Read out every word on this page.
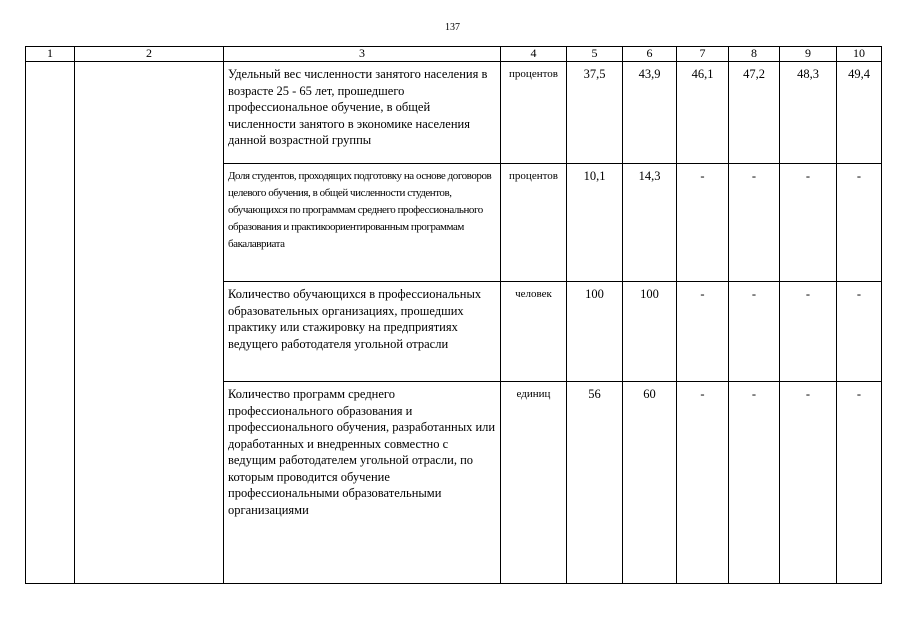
137
1	2	3	4	5	6	7	8	9	10
		Удельный вес численности занятого населения в возрасте 25 - 65 лет, прошедшего профессиональное обучение, в общей численности занятого в экономике населения данной возрастной группы	процентов	37,5	43,9	46,1	47,2	48,3	49,4
		Доля студентов, проходящих подготовку на основе договоров целевого обучения, в общей численности студентов, обучающихся по программам среднего профессионального образования и практикоориентированным программам бакалавриата	процентов	10,1	14,3	-	-	-	-
		Количество обучающихся в профессиональных образовательных организациях, прошедших практику или стажировку на предприятиях ведущего работодателя угольной отрасли	человек	100	100	-	-	-	-
		Количество программ среднего профессионального образования и профессионального обучения, разработанных или доработанных и внедренных совместно с ведущим работодателем угольной отрасли, по которым проводится обучение профессиональными образовательными организациями	единиц	56	60	-	-	-	-
